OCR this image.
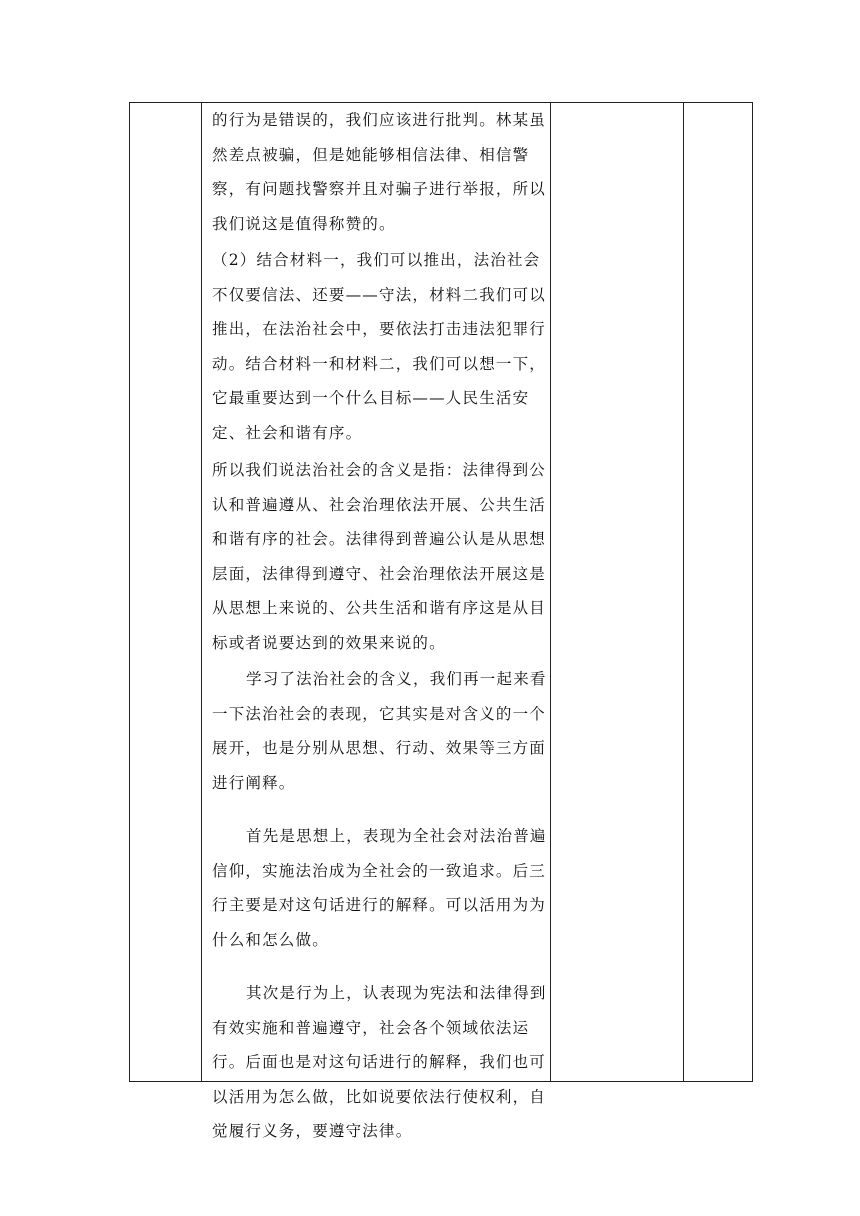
的行为是错误的，我们应该进行批判。林某虽然差点被骗，但是她能够相信法律、相信警察，有问题找警察并且对骗子进行举报，所以我们说这是值得称赞的。

（2）结合材料一，我们可以推出，法治社会不仅要信法、还要——守法，材料二我们可以推出，在法治社会中，要依法打击违法犯罪行动。结合材料一和材料二，我们可以想一下，它最重要达到一个什么目标——人民生活安定、社会和谐有序。

所以我们说法治社会的含义是指：法律得到公认和普遍遵从、社会治理依法开展、公共生活和谐有序的社会。法律得到普遍公认是从思想层面，法律得到遵守、社会治理依法开展这是从思想上来说的、公共生活和谐有序这是从目标或者说要达到的效果来说的。

学习了法治社会的含义，我们再一起来看一下法治社会的表现，它其实是对含义的一个展开，也是分别从思想、行动、效果等三方面进行阐释。

首先是思想上，表现为全社会对法治普遍信仰，实施法治成为全社会的一致追求。后三行主要是对这句话进行的解释。可以活用为为什么和怎么做。

其次是行为上，认表现为宪法和法律得到有效实施和普遍遵守，社会各个领域依法运行。后面也是对这句话进行的解释，我们也可以活用为怎么做，比如说要依法行使权利，自觉履行义务，要遵守法律。
